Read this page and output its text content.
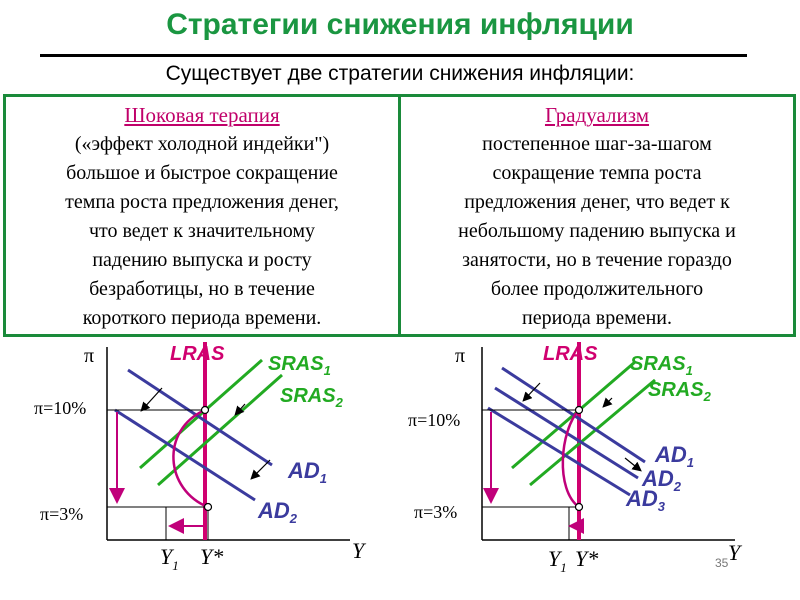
Стратегии снижения инфляции
Существует две стратегии снижения инфляции:
Шоковая терапия
(«эффект холодной индейки")
большое и быстрое сокращение
темпа роста предложения денег,
что ведет к значительному
падению выпуска и росту
безработицы, но в течение
короткого периода времени.
Градуализм
постепенное шаг-за-шагом
сокращение темпа роста
предложения денег, что ведет к
небольшому падению выпуска и
занятости, но в течение гораздо
более продолжительного
периода времени.
π
Y
LRAS $SRAS_1$
$SRAS_2$
$AD_1$
$AD_2$
π=10%
π=3%
$Y_1$ Y*
π
Y
LRAS $SRAS_1$
$SRAS_2$
$AD_1$
$AD_2$
$AD_3$
π=10%
π=3%
$Y_1$ Y*	35
